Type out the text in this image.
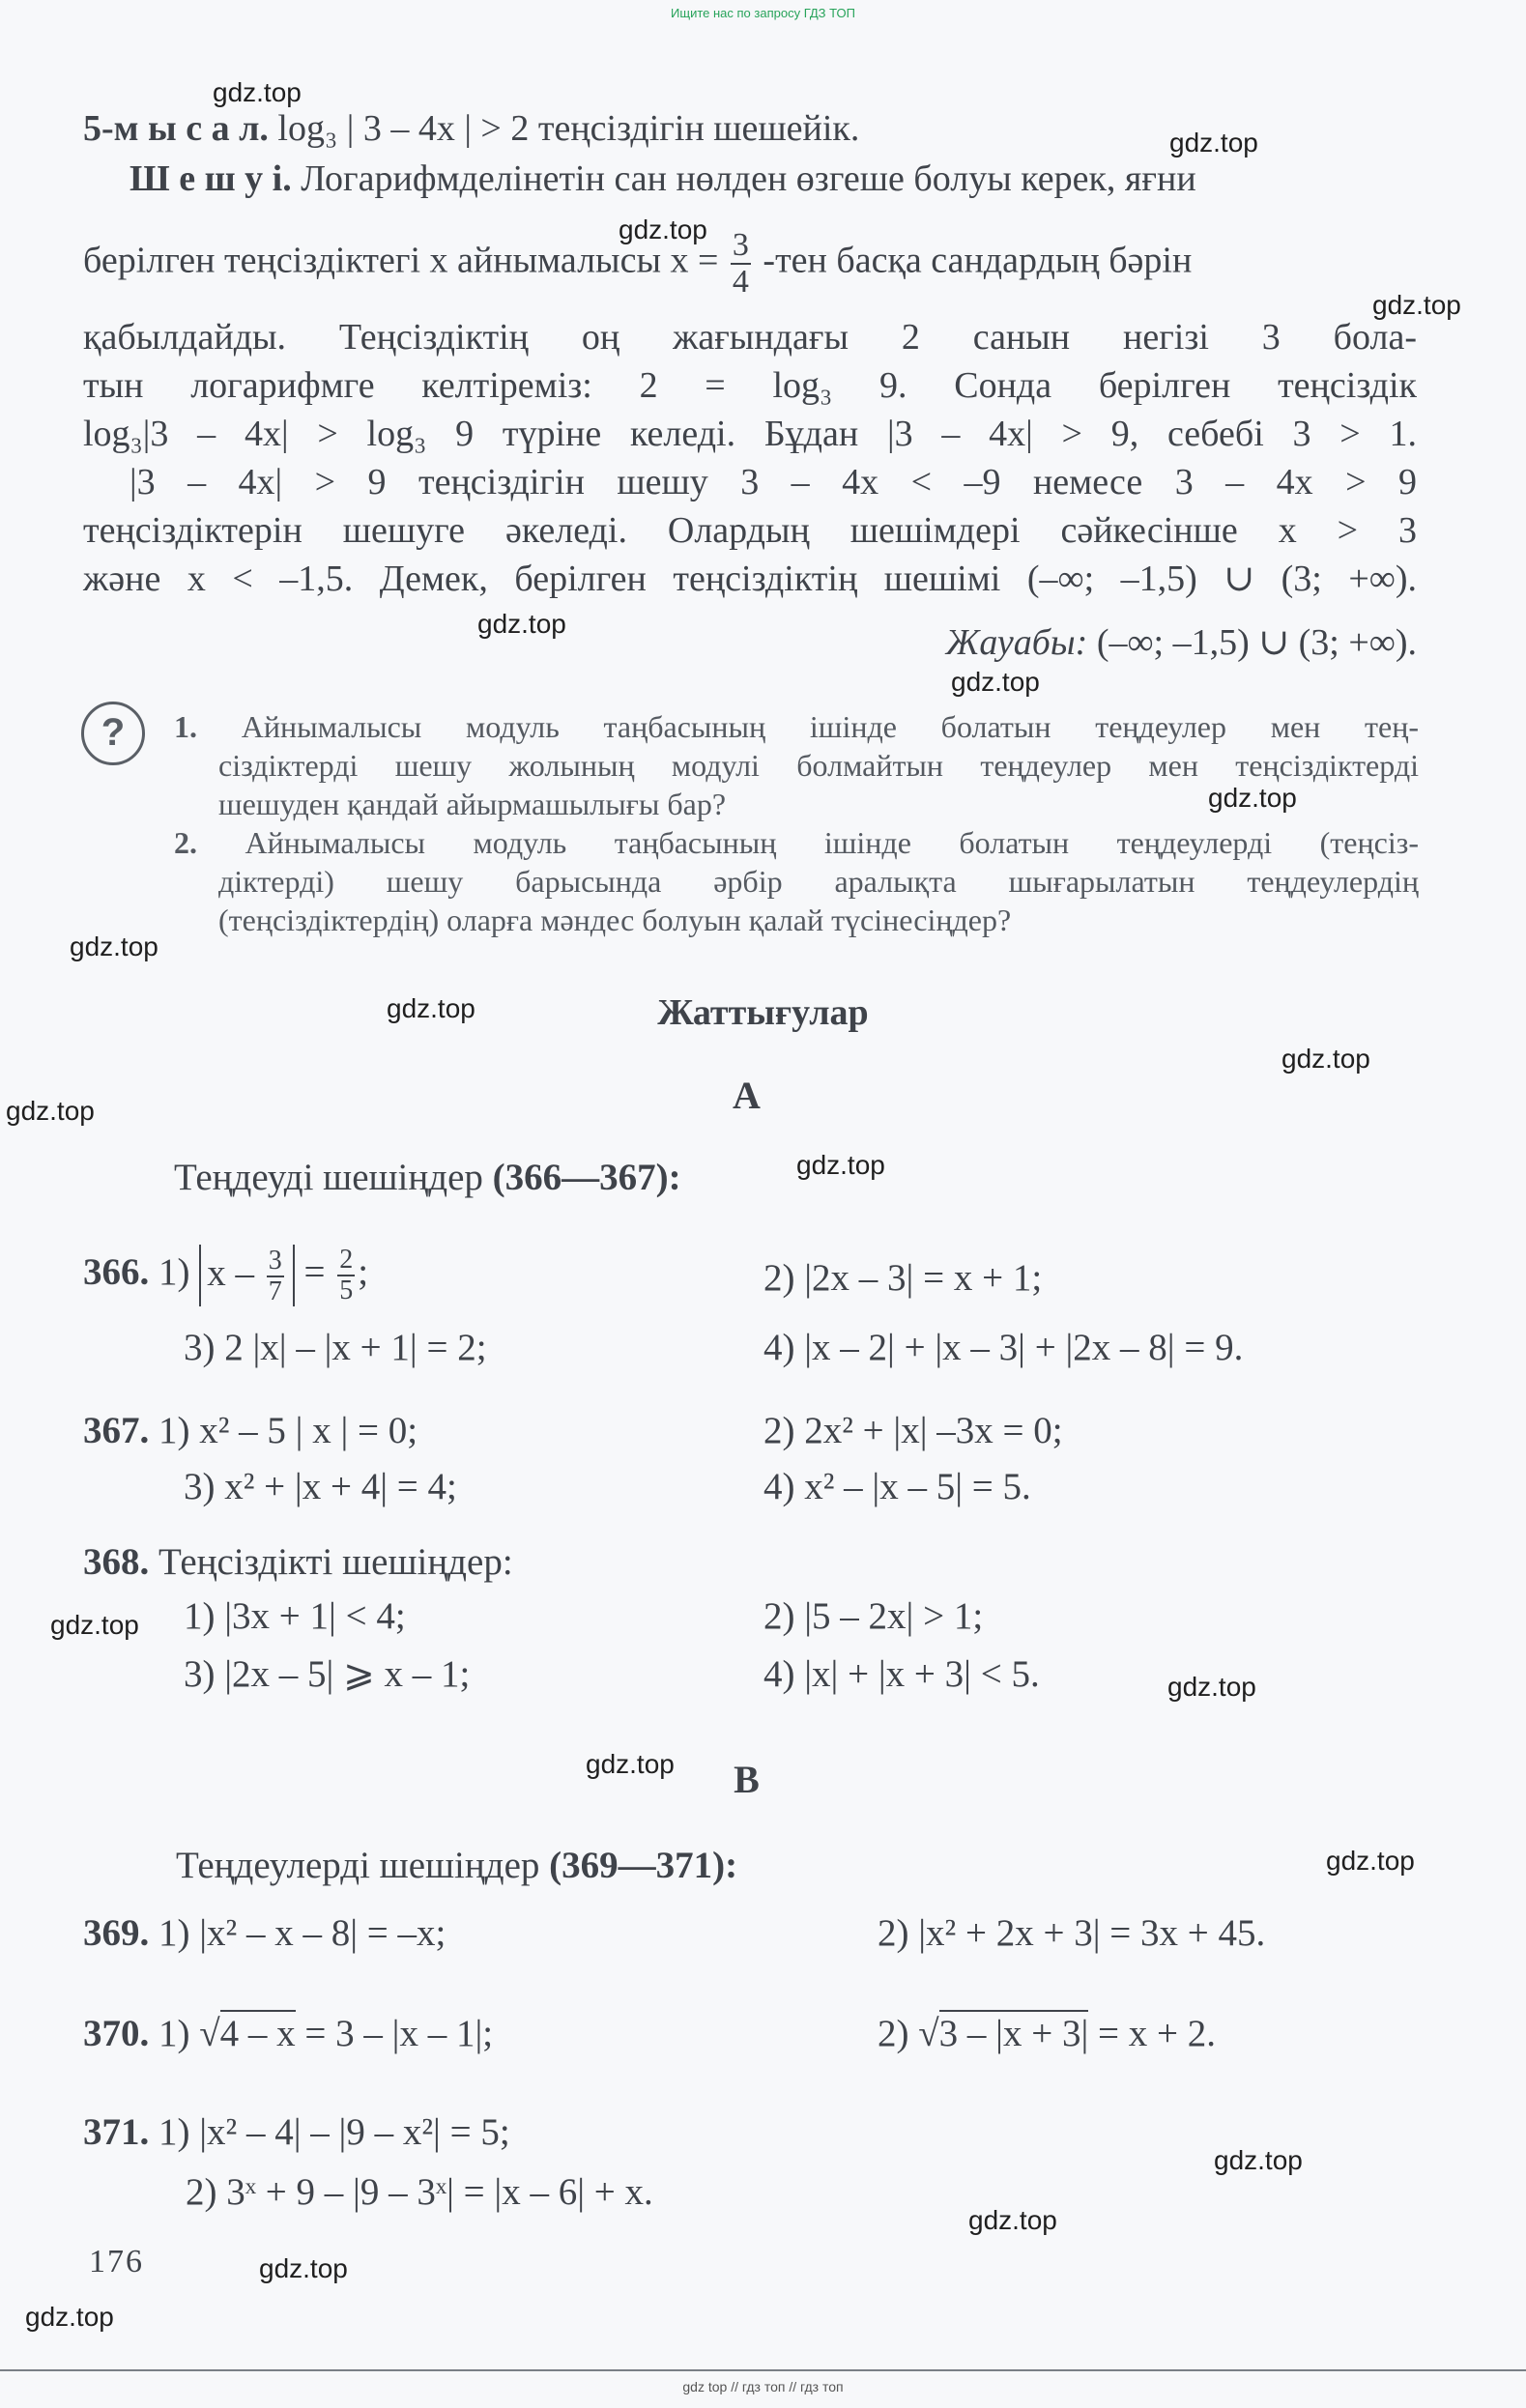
Ищите нас по запросу ГДЗ ТОП
gdz.top
gdz.top
gdz.top
gdz.top
gdz.top
gdz.top
gdz.top
gdz.top
gdz.top
gdz.top
gdz.top
gdz.top
gdz.top
gdz.top
gdz.top
gdz.top
gdz.top
gdz.top
gdz.top
gdz.top
5-м ы с а л. log₃ | 3 – 4x | > 2 теңсіздігін шешейік.
Ш е ш у і. Логарифмделінетін сан нөлден өзгеше болуы керек, яғни
берілген теңсіздіктегі x айнымалысы $x = \frac{3}{4} -тен$ басқа сандардың бәрін
қабылдайды. Теңсіздіктің оң жағындағы 2 санын негізі 3 бола-
тын логарифмге келтіреміз: 2 = log₃ 9. Сонда берілген теңсіздік
log₃|3 – 4x| > log₃ 9 түріне келеді. Бұдан |3 – 4x| > 9, себебі 3 > 1.
|3 – 4x| > 9 теңсіздігін шешу 3 – 4x < –9 немесе 3 – 4x > 9
теңсіздіктерін шешуге әкеледі. Олардың шешімдері сәйкесінше x > 3
және x < –1,5. Демек, берілген теңсіздіктің шешімі (–∞; –1,5) ∪ (3; +∞).
Жауабы: (–∞; –1,5) ∪ (3; +∞).
?	1. Айнымалысы модуль таңбасының ішінде болатын теңдеулер мен тең-
сіздіктерді шешу жолының модулі болмайтын теңдеулер мен теңсіздіктерді
шешуден қандай айырмашылығы бар?
2. Айнымалысы модуль таңбасының ішінде болатын теңдеулерді (теңсіз-
діктерді) шешу барысында әрбір аралықта шығарылатын теңдеулердің
(теңсіздіктердің) оларға мәндес болуын қалай түсінесіңдер?
Жаттығулар
А
Теңдеуді шешіңдер (366—367):
366. 1) $x - \frac{3}{7} = \frac{2}{5}$ ;	2) |2x – 3| = x + 1;
3) 2 |x| – |x + 1| = 2;	4) |x – 2| + |x – 3| + |2x – 8| = 9.
367. 1) x² – 5 | x | = 0;	2) 2x² + |x| –3x = 0;
3) x² + |x + 4| = 4;	4) x² – |x – 5| = 5.
368. Теңсіздікті шешіңдер:
1) |3x + 1| < 4;	2) |5 – 2x| > 1;
3) |2x – 5| ⩾ x – 1;	4) |x| + |x + 3| < 5.
В
Теңдеулерді шешіңдер (369—371):
369. 1) |x² – x – 8| = –x;	2) |x² + 2x + 3| = 3x + 45.
370. 1) √4 – x = 3 – |x – 1|;	2) √3 – |x + 3| = x + 2.
371. 1) |x² – 4| – |9 – x²| = 5;
2) 3ˣ + 9 – |9 – 3ˣ| = |x – 6| + x.
176
gdz top // гдз топ // гдз топ
